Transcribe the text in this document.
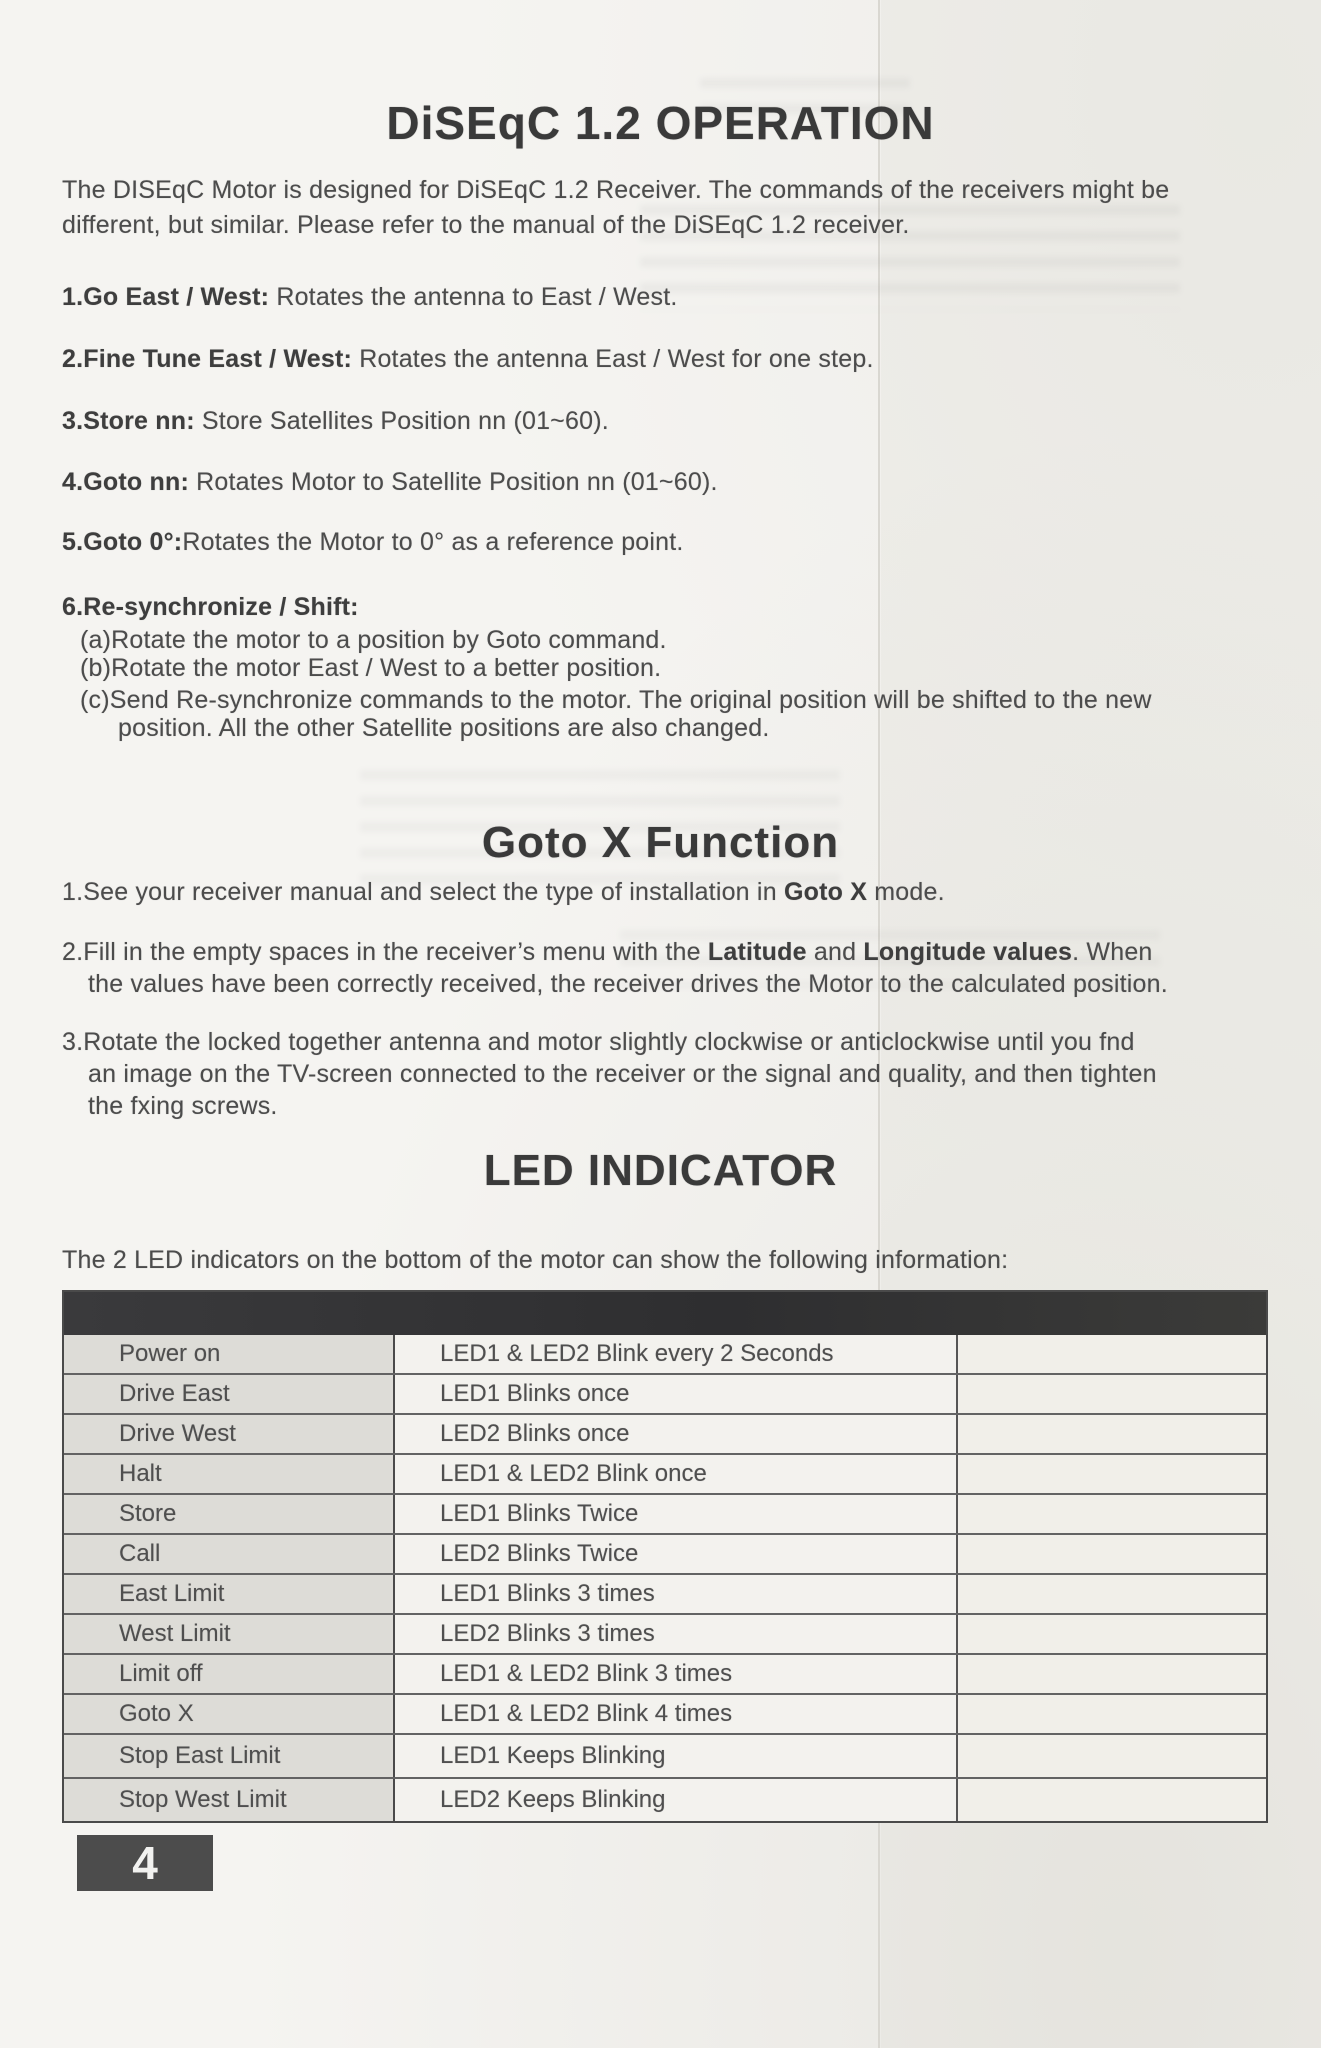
DiSEqC 1.2 OPERATION
The DISEqC Motor is designed for DiSEqC 1.2 Receiver. The commands of the receivers might be
different, but similar. Please refer to the manual of the DiSEqC 1.2 receiver.
1.Go East / West: Rotates the antenna to East / West.
2.Fine Tune East / West: Rotates the antenna East / West for one step.
3.Store nn: Store Satellites Position nn (01~60).
4.Goto nn: Rotates Motor to Satellite Position nn (01~60).
5.Goto 0°:Rotates the Motor to 0° as a reference point.
6.Re-synchronize / Shift:
(a)Rotate the motor to a position by Goto command.
(b)Rotate the motor East / West to a better position.
(c)Send Re-synchronize commands to the motor. The original position will be shifted to the new
position. All the other Satellite positions are also changed.
Goto X Function
1.See your receiver manual and select the type of installation in Goto X mode.
2.Fill in the empty spaces in the receiver’s menu with the Latitude and Longitude values. When
the values have been correctly received, the receiver drives the Motor to the calculated position.
3.Rotate the locked together antenna and motor slightly clockwise or anticlockwise until you fnd
an image on the TV-screen connected to the receiver or the signal and quality, and then tighten
the fxing screws.
LED INDICATOR
The 2 LED indicators on the bottom of the motor can show the following information:
Power on	LED1 & LED2 Blink every 2 Seconds
Drive East	LED1 Blinks once
Drive West	LED2 Blinks once
Halt	LED1 & LED2 Blink once
Store	LED1 Blinks Twice
Call	LED2 Blinks Twice
East Limit	LED1 Blinks 3 times
West Limit	LED2 Blinks 3 times
Limit off	LED1 & LED2 Blink 3 times
Goto X	LED1 & LED2 Blink 4 times
Stop East Limit	LED1 Keeps Blinking
Stop West Limit	LED2 Keeps Blinking
4
